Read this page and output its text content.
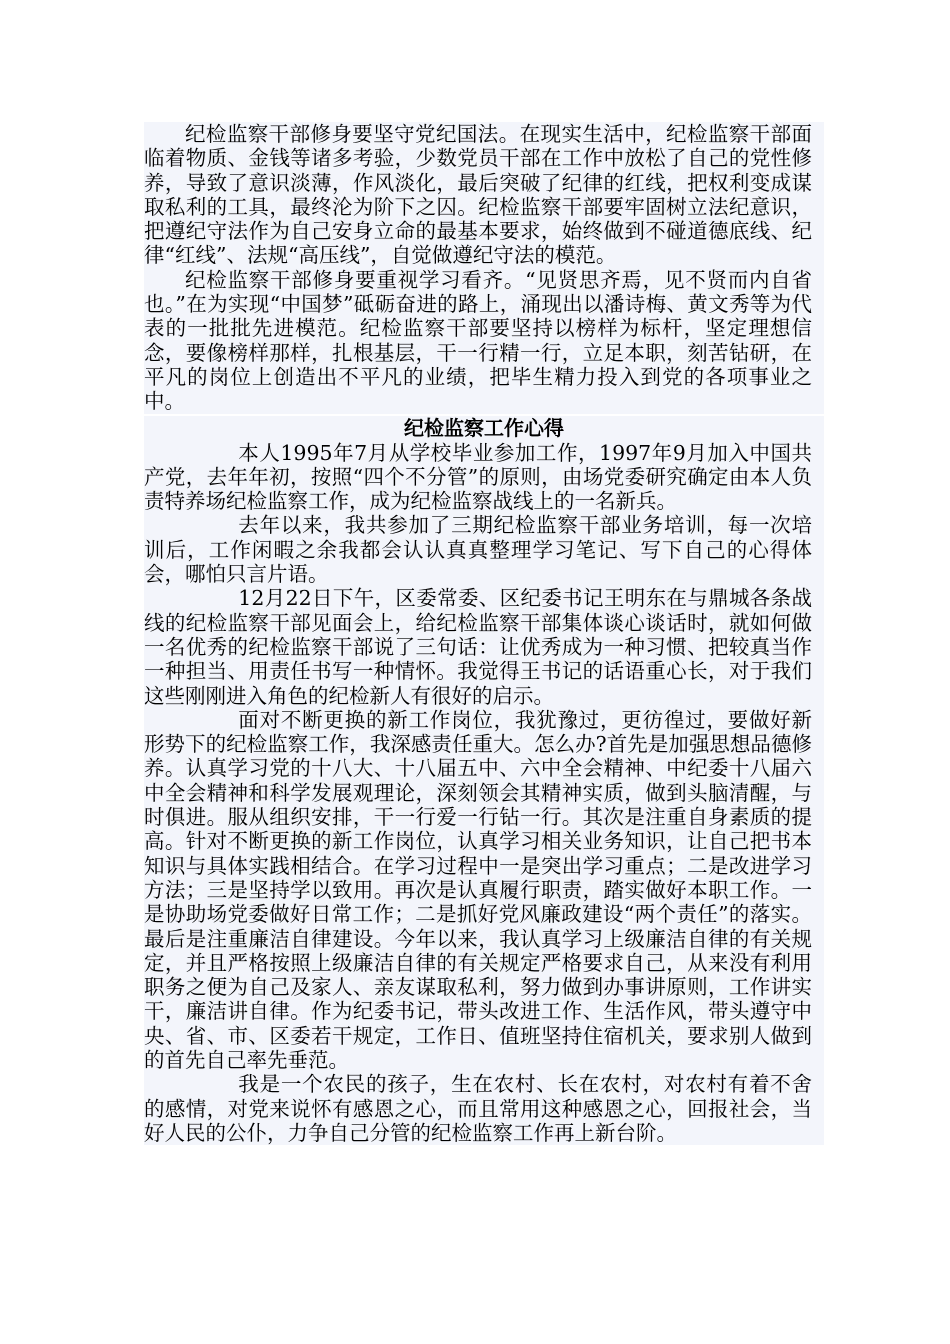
纪检监察干部修身要坚守党纪国法。在现实生活中，纪检监察干部面临着物质、金钱等诸多考验，少数党员干部在工作中放松了自己的党性修养，导致了意识淡薄，作风淡化，最后突破了纪律的红线，把权利变成谋取私利的工具，最终沦为阶下之囚。纪检监察干部要牢固树立法纪意识，把遵纪守法作为自己安身立命的最基本要求，始终做到不碰道德底线、纪律“红线”、法规“高压线”，自觉做遵纪守法的模范。

纪检监察干部修身要重视学习看齐。“见贤思齐焉，见不贤而内自省也。”在为实现“中国梦”砥砺奋进的路上，涌现出以潘诗梅、黄文秀等为代表的一批批先进模范。纪检监察干部要坚持以榜样为标杆，坚定理想信念，要像榜样那样，扎根基层，干一行精一行，立足本职，刻苦钻研，在平凡的岗位上创造出不平凡的业绩，把毕生精力投入到党的各项事业之中。

纪检监察工作心得

本人1995年7月从学校毕业参加工作，1997年9月加入中国共产党，去年年初，按照“四个不分管”的原则，由场党委研究确定由本人负责特养场纪检监察工作，成为纪检监察战线上的一名新兵。

去年以来，我共参加了三期纪检监察干部业务培训，每一次培训后，工作闲暇之余我都会认认真真整理学习笔记、写下自己的心得体会，哪怕只言片语。

12月22日下午，区委常委、区纪委书记王明东在与鼎城各条战线的纪检监察干部见面会上，给纪检监察干部集体谈心谈话时，就如何做一名优秀的纪检监察干部说了三句话：让优秀成为一种习惯、把较真当作一种担当、用责任书写一种情怀。我觉得王书记的话语重心长，对于我们这些刚刚进入角色的纪检新人有很好的启示。

面对不断更换的新工作岗位，我犹豫过，更彷徨过，要做好新形势下的纪检监察工作，我深感责任重大。怎么办?首先是加强思想品德修养。认真学习党的十八大、十八届五中、六中全会精神、中纪委十八届六中全会精神和科学发展观理论，深刻领会其精神实质，做到头脑清醒，与时俱进。服从组织安排，干一行爱一行钻一行。其次是注重自身素质的提高。针对不断更换的新工作岗位，认真学习相关业务知识，让自己把书本知识与具体实践相结合。在学习过程中一是突出学习重点；二是改进学习方法；三是坚持学以致用。再次是认真履行职责，踏实做好本职工作。一是协助场党委做好日常工作；二是抓好党风廉政建设“两个责任”的落实。最后是注重廉洁自律建设。今年以来，我认真学习上级廉洁自律的有关规定，并且严格按照上级廉洁自律的有关规定严格要求自己，从来没有利用职务之便为自己及家人、亲友谋取私利，努力做到办事讲原则，工作讲实干，廉洁讲自律。作为纪委书记，带头改进工作、生活作风，带头遵守中央、省、市、区委若干规定，工作日、值班坚持住宿机关，要求别人做到的首先自己率先垂范。

我是一个农民的孩子，生在农村、长在农村，对农村有着不舍的感情，对党来说怀有感恩之心，而且常用这种感恩之心，回报社会，当好人民的公仆，力争自己分管的纪检监察工作再上新台阶。
